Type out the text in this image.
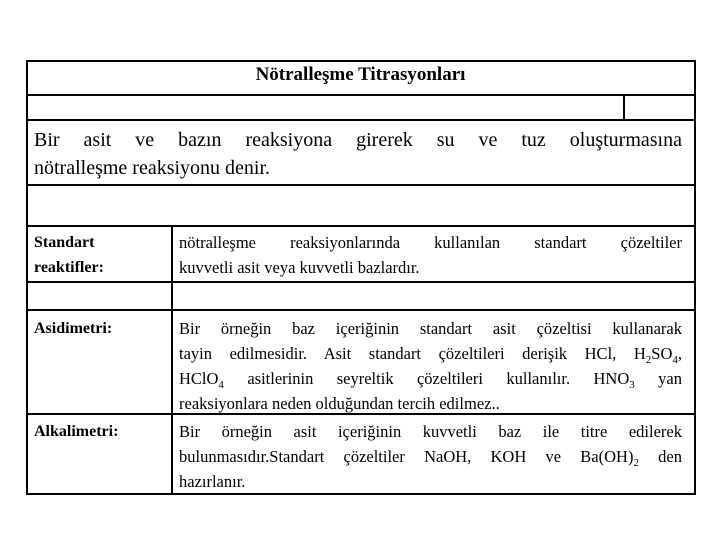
Nötralleşme Titrasyonları
Bir asit ve bazın reaksiyona girerek su ve tuz oluşturmasına
nötralleşme reaksiyonu denir.
Standart
reaktifler:
nötralleşme reaksiyonlarında kullanılan standart çözeltiler
kuvvetli asit veya kuvvetli bazlardır.
Asidimetri:	Bir örneğin baz içeriğinin standart asit çözeltisi kullanarak
tayin edilmesidir. Asit standart çözeltileri derişik HCl, $H_2SO_4$,
HClO$_4$ asitlerinin seyreltik çözeltileri kullanılır. $HNO_3$ yan
reaksiyonlara neden olduğundan tercih edilmez..
Alkalimetri:	Bir örneğin asit içeriğinin kuvvetli baz ile titre edilerek
bulunmasıdır.Standart çözeltiler NaOH, KOH ve $Ba(OH)_2$ den
hazırlanır.
